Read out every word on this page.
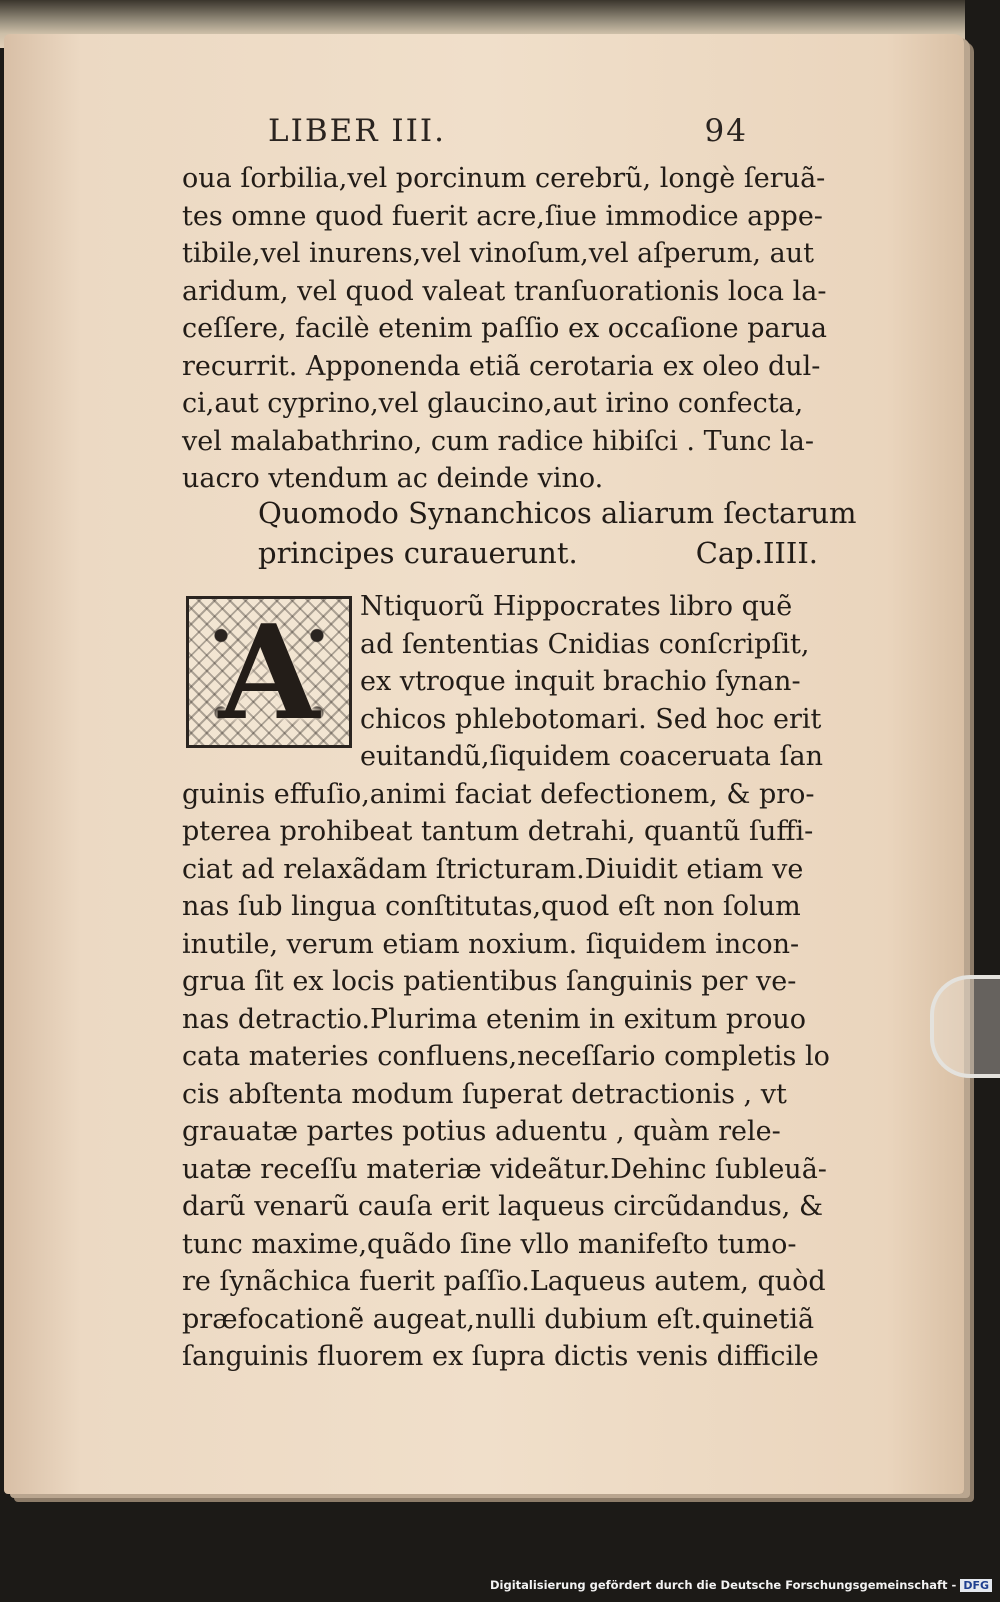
LIBER III.	94
oua ſorbilia,vel porcinum cerebrũ, longè ſeruã-
tes omne quod fuerit acre,ſiue immodice appe-
tibile,vel inurens,vel vinoſum,vel aſperum, aut
aridum, vel quod valeat tranſuorationis loca la-
ceſſere, facilè etenim paſſio ex occaſione parua
recurrit. Apponenda etiã cerotaria ex oleo dul-
ci,aut cyprino,vel glaucino,aut irino confecta,
vel malabathrino, cum radice hibiſci . Tunc la-
uacro vtendum ac deinde vino.
Quomodo Synanchicos aliarum ſectarum
principes curauerunt.	Cap.IIII.
A	Ntiquorũ Hippocrates libro quẽ
ad ſententias Cnidias conſcripſit,
ex vtroque inquit brachio ſynan-
chicos phlebotomari. Sed hoc erit
euitandũ,ſiquidem coaceruata ſan
guinis effuſio,animi faciat defectionem, & pro-
pterea prohibeat tantum detrahi, quantũ ſuffi-
ciat ad relaxãdam ſtricturam.Diuidit etiam ve
nas ſub lingua conſtitutas,quod eſt non ſolum
inutile, verum etiam noxium. ſiquidem incon-
grua ſit ex locis patientibus ſanguinis per ve-
nas detractio.Plurima etenim in exitum prouo
cata materies confluens,neceſſario completis lo
cis abſtenta modum ſuperat detractionis , vt
grauatæ partes potius aduentu , quàm rele-
uatæ receſſu materiæ videãtur.Dehinc ſubleuã-
darũ venarũ cauſa erit laqueus circũdandus, &
tunc maxime,quãdo ſine vllo manifeſto tumo-
re ſynãchica fuerit paſſio.Laqueus autem, quòd
præfocationẽ augeat,nulli dubium eſt.quinetiã
ſanguinis fluorem ex ſupra dictis venis difficile
Digitalisierung gefördert durch die Deutsche Forschungsgemeinschaft - DFG
